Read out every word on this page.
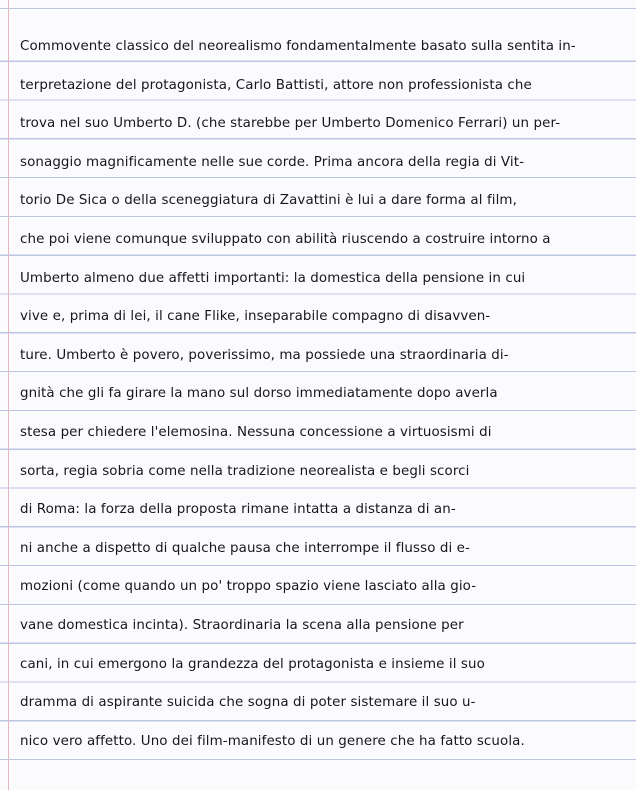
Commovente classico del neorealismo fondamentalmente basato sulla sentita in-
terpretazione del protagonista, Carlo Battisti, attore non professionista che
trova nel suo Umberto D. (che starebbe per Umberto Domenico Ferrari) un per-
sonaggio magnificamente nelle sue corde. Prima ancora della regia di Vit-
torio De Sica o della sceneggiatura di Zavattini è lui a dare forma al film,
che poi viene comunque sviluppato con abilità riuscendo a costruire intorno a
Umberto almeno due affetti importanti: la domestica della pensione in cui
vive e, prima di lei, il cane Flike, inseparabile compagno di disavven-
ture. Umberto è povero, poverissimo, ma possiede una straordinaria di-
gnità che gli fa girare la mano sul dorso immediatamente dopo averla
stesa per chiedere l'elemosina. Nessuna concessione a virtuosismi di
sorta, regia sobria come nella tradizione neorealista e begli scorci
di Roma: la forza della proposta rimane intatta a distanza di an-
ni anche a dispetto di qualche pausa che interrompe il flusso di e-
mozioni (come quando un po' troppo spazio viene lasciato alla gio-
vane domestica incinta). Straordinaria la scena alla pensione per
cani, in cui emergono la grandezza del protagonista e insieme il suo
dramma di aspirante suicida che sogna di poter sistemare il suo u-
nico vero affetto. Uno dei film-manifesto di un genere che ha fatto scuola.
